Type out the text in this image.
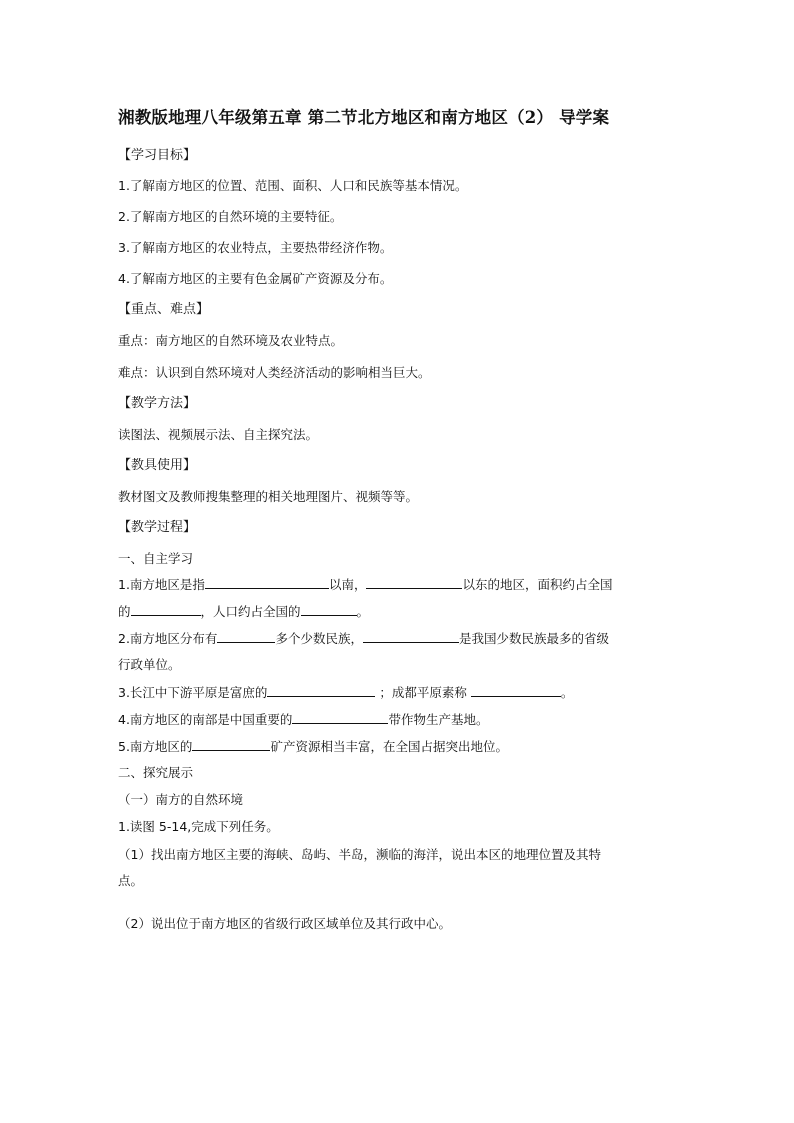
湘教版地理八年级第五章 第二节北方地区和南方地区（2） 导学案
【学习目标】
1.了解南方地区的位置、范围、面积、人口和民族等基本情况。
2.了解南方地区的自然环境的主要特征。
3.了解南方地区的农业特点，主要热带经济作物。
4.了解南方地区的主要有色金属矿产资源及分布。
【重点、难点】
重点：南方地区的自然环境及农业特点。
难点：认识到自然环境对人类经济活动的影响相当巨大。
【教学方法】
读图法、视频展示法、自主探究法。
【教具使用】
教材图文及教师搜集整理的相关地理图片、视频等等。
【教学过程】
一、自主学习
1.南方地区是指	以南，	以东的地区，面积约占全国
的	，人口约占全国的	。
2.南方地区分布有	多个少数民族，	是我国少数民族最多的省级
行政单位。
3.长江中下游平原是富庶的	；成都平原素称	。
4.南方地区的南部是中国重要的	带作物生产基地。
5.南方地区的	矿产资源相当丰富，在全国占据突出地位。
二、探究展示
（一）南方的自然环境
1.读图 5-14,完成下列任务。
（1）找出南方地区主要的海峡、岛屿、半岛，濒临的海洋，说出本区的地理位置及其特
点。
（2）说出位于南方地区的省级行政区域单位及其行政中心。
